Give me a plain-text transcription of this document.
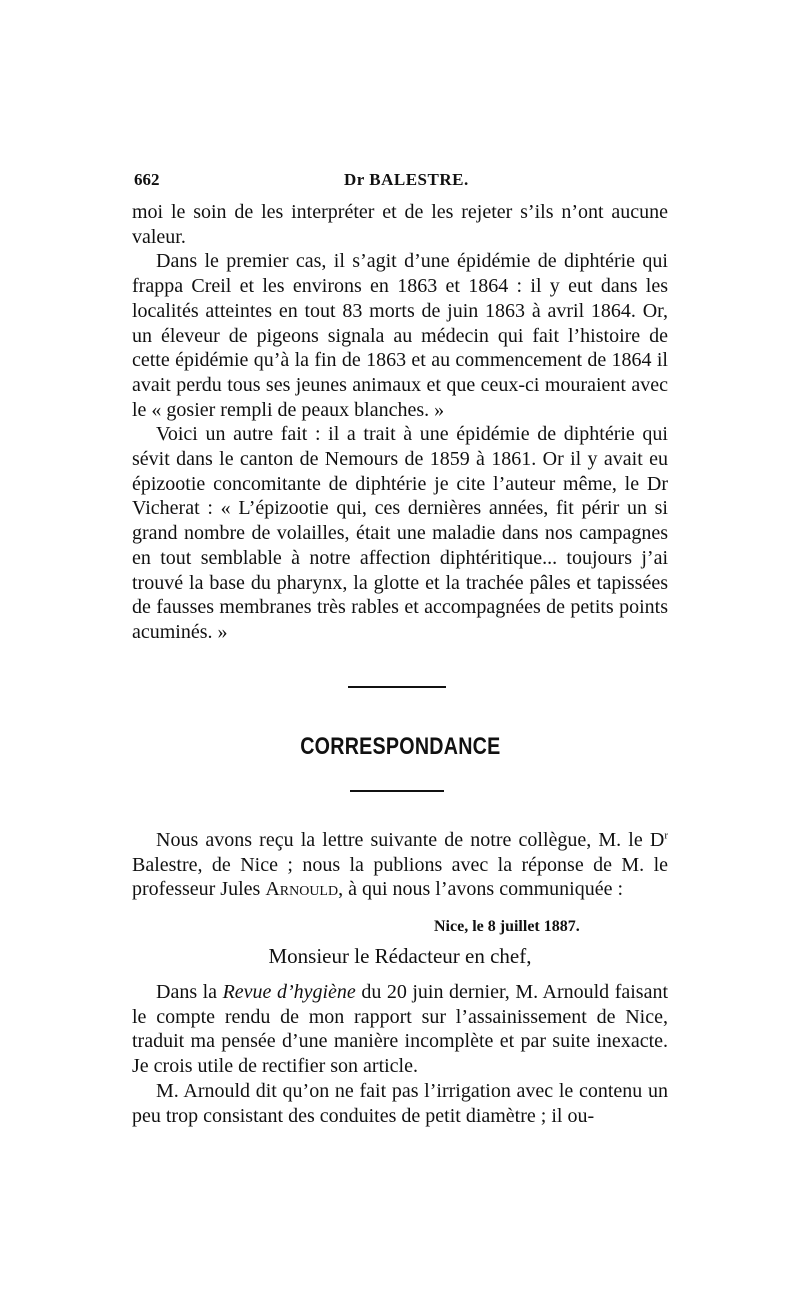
662	Dr BALESTRE.

moi le soin de les interpréter et de les rejeter s’ils n’ont aucune valeur.

Dans le premier cas, il s’agit d’une épidémie de diphtérie qui frappa Creil et les environs en 1863 et 1864 : il y eut dans les localités atteintes en tout 83 morts de juin 1863 à avril 1864. Or, un éleveur de pigeons signala au médecin qui fait l’histoire de cette épidémie qu’à la fin de 1863 et au commencement de 1864 il avait perdu tous ses jeunes animaux et que ceux-ci mouraient avec le « gosier rempli de peaux blanches. »

Voici un autre fait : il a trait à une épidémie de diphtérie qui sévit dans le canton de Nemours de 1859 à 1861. Or il y avait eu épizootie concomitante de diphtérie je cite l’auteur même, le Dr Vicherat : « L’épizootie qui, ces dernières années, fit périr un si grand nombre de volailles, était une maladie dans nos campagnes en tout semblable à notre affection diphtéritique... toujours j’ai trouvé la base du pharynx, la glotte et la trachée pâles et tapissées de fausses membranes très rables et accompagnées de petits points acuminés. »

CORRESPONDANCE

Nous avons reçu la lettre suivante de notre collègue, M. le $D^r$ Balestre, de Nice ; nous la publions avec la réponse de M. le professeur Jules Arnould, à qui nous l’avons communiquée :

Nice, le 8 juillet 1887.
Monsieur le Rédacteur en chef,

Dans la Revue d’hygiène du 20 juin dernier, M. Arnould faisant le compte rendu de mon rapport sur l’assainissement de Nice, traduit ma pensée d’une manière incomplète et par suite inexacte. Je crois utile de rectifier son article.

M. Arnould dit qu’on ne fait pas l’irrigation avec le contenu un peu trop consistant des conduites de petit diamètre ; il ou-
